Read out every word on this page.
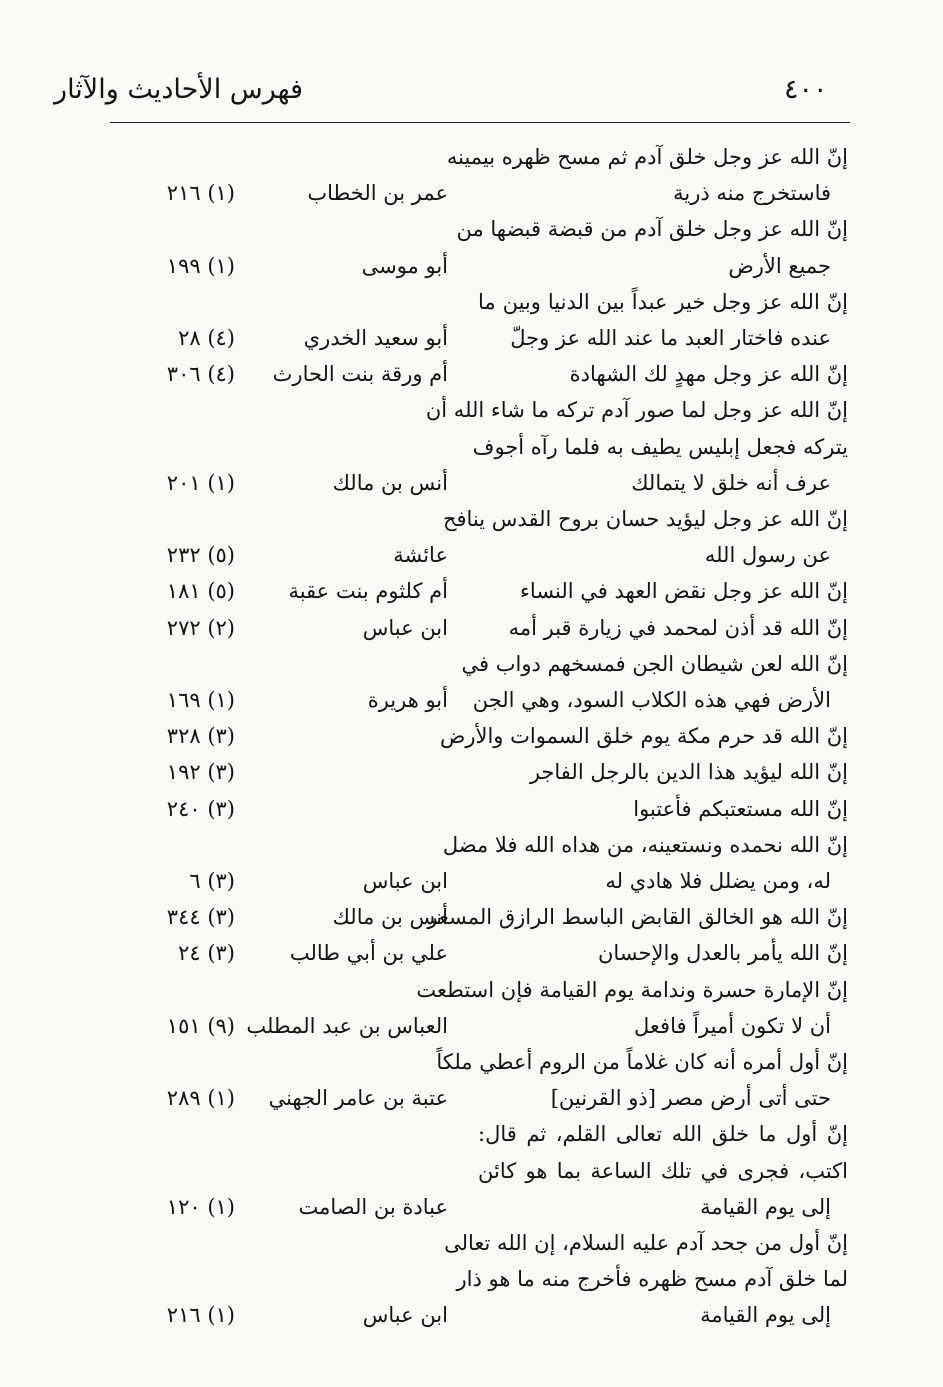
فهرس الأحاديث والآثار	٤٠٠
إنّ الله عز وجل خلق آدم ثم مسح ظهره بيمينه
فاستخرج منه ذرية
عمر بن الخطاب
(١) ٢١٦
إنّ الله عز وجل خلق آدم من قبضة قبضها من
جميع الأرض
أبو موسى
(١) ١٩٩
إنّ الله عز وجل خير عبداً بين الدنيا وبين ما
عنده فاختار العبد ما عند الله عز وجلّ
أبو سعيد الخدري
(٤) ٢٨
إنّ الله عز وجل مهدٍ لك الشهادة
أم ورقة بنت الحارث
(٤) ٣٠٦
إنّ الله عز وجل لما صور آدم تركه ما شاء الله أن
يتركه فجعل إبليس يطيف به فلما رآه أجوف
عرف أنه خلق لا يتمالك
أنس بن مالك
(١) ٢٠١
إنّ الله عز وجل ليؤيد حسان بروح القدس ينافح
عن رسول الله
عائشة
(٥) ٢٣٢
إنّ الله عز وجل نقض العهد في النساء
أم كلثوم بنت عقبة
(٥) ١٨١
إنّ الله قد أذن لمحمد في زيارة قبر أمه
ابن عباس
(٢) ٢٧٢
إنّ الله لعن شيطان الجن فمسخهم دواب في
الأرض فهي هذه الكلاب السود، وهي الجن
أبو هريرة
(١) ١٦٩
إنّ الله قد حرم مكة يوم خلق السموات والأرض
(٣) ٣٢٨
إنّ الله ليؤيد هذا الدين بالرجل الفاجر
(٣) ١٩٢
إنّ الله مستعتبكم فأعتبوا
(٣) ٢٤٠
إنّ الله نحمده ونستعينه، من هداه الله فلا مضل
له، ومن يضلل فلا هادي له
ابن عباس
(٣) ٦
إنّ الله هو الخالق القابض الباسط الرازق المسعر
أنس بن مالك
(٣) ٣٤٤
إنّ الله يأمر بالعدل والإحسان
علي بن أبي طالب
(٣) ٢٤
إنّ الإمارة حسرة وندامة يوم القيامة فإن استطعت
أن لا تكون أميراً فافعل
العباس بن عبد المطلب
(٩) ١٥١
إنّ أول أمره أنه كان غلاماً من الروم أعطي ملكاً
حتى أتى أرض مصر [ذو القرنين]
عتبة بن عامر الجهني
(١) ٢٨٩
إنّ أول ما خلق الله تعالى القلم، ثم قال:
اكتب، فجرى في تلك الساعة بما هو كائن
إلى يوم القيامة
عبادة بن الصامت
(١) ١٢٠
إنّ أول من جحد آدم عليه السلام، إن الله تعالى
لما خلق آدم مسح ظهره فأخرج منه ما هو ذار
إلى يوم القيامة
ابن عباس
(١) ٢١٦
